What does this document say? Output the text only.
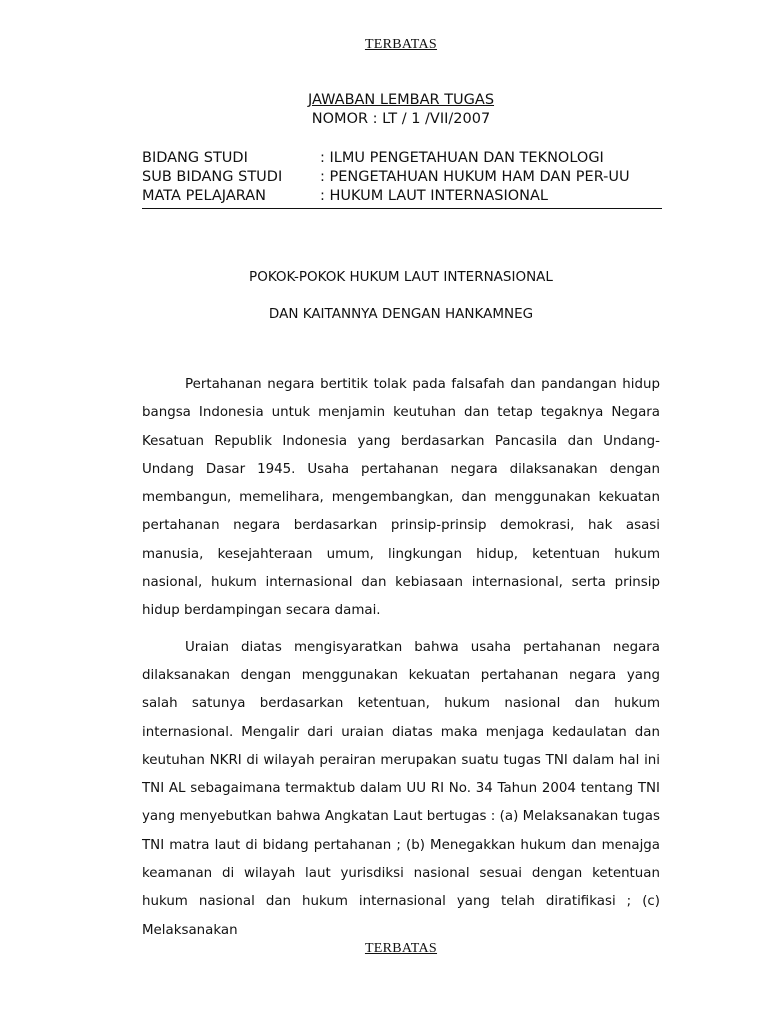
TERBATAS
JAWABAN LEMBAR TUGAS
NOMOR : LT / 1 /VII/2007
BIDANG STUDI	: ILMU PENGETAHUAN DAN TEKNOLOGI
SUB BIDANG STUDI	: PENGETAHUAN HUKUM HAM DAN PER-UU
MATA PELAJARAN	: HUKUM LAUT INTERNASIONAL
POKOK-POKOK HUKUM LAUT INTERNASIONAL
DAN KAITANNYA DENGAN HANKAMNEG

Pertahanan negara bertitik tolak pada falsafah dan pandangan hidup bangsa Indonesia untuk menjamin keutuhan dan tetap tegaknya Negara Kesatuan Republik Indonesia yang berdasarkan Pancasila dan Undang-Undang Dasar 1945. Usaha pertahanan negara dilaksanakan dengan membangun, memelihara, mengembangkan, dan menggunakan kekuatan pertahanan negara berdasarkan prinsip-prinsip demokrasi, hak asasi manusia, kesejahteraan umum, lingkungan hidup, ketentuan hukum nasional, hukum internasional dan kebiasaan internasional, serta prinsip hidup berdampingan secara damai.

Uraian diatas mengisyaratkan bahwa usaha pertahanan negara dilaksanakan dengan menggunakan kekuatan pertahanan negara yang salah satunya berdasarkan ketentuan, hukum nasional dan hukum internasional. Mengalir dari uraian diatas maka menjaga kedaulatan dan keutuhan NKRI di wilayah perairan merupakan suatu tugas TNI dalam hal ini TNI AL sebagaimana termaktub dalam UU RI No. 34 Tahun 2004 tentang TNI yang menyebutkan bahwa Angkatan Laut bertugas : (a) Melaksanakan tugas TNI matra laut di bidang pertahanan ; (b) Menegakkan hukum dan menajga keamanan di wilayah laut yurisdiksi nasional sesuai dengan ketentuan hukum nasional dan hukum internasional yang telah diratifikasi ; (c) Melaksanakan

TERBATAS
